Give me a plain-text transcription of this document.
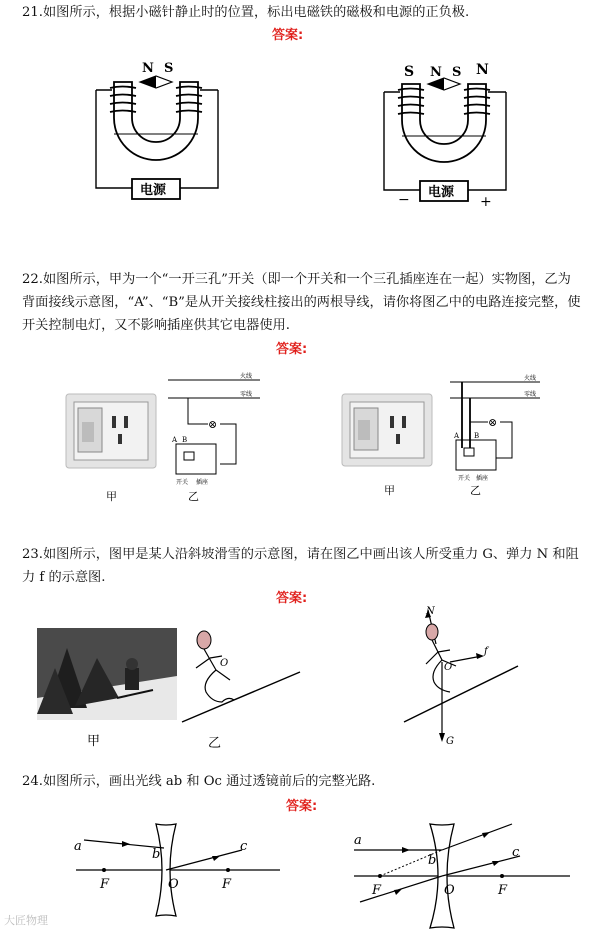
21.如图所示，根据小磁针静止时的位置，标出电磁铁的磁极和电源的正负极.
答案:
N S
电源
S N S N
电源
−	+
22.如图所示，甲为一个“一开三孔”开关（即一个开关和一个三孔插座连在一起）实物图，乙为背面接线示意图，“A”、“B”是从开关接线柱接出的两根导线，请你将图乙中的电路连接完整，使开关控制电灯，又不影响插座供其它电器使用.
答案:
火线
零线
⊗
A B
开关 插座
甲	乙
火线
零线
⊗
A B
开关 插座
甲	乙
23.如图所示，图甲是某人沿斜坡滑雪的示意图，请在图乙中画出该人所受重力 G、弹力 N 和阻力 f 的示意图.
答案:
甲
O
乙
N
f
O
G
24.如图所示，画出光线 ab 和 Oc 通过透镜前后的完整光路.
答案:
a
b
c
F	O	F
a
b
c
F	O	F
大匠物理
